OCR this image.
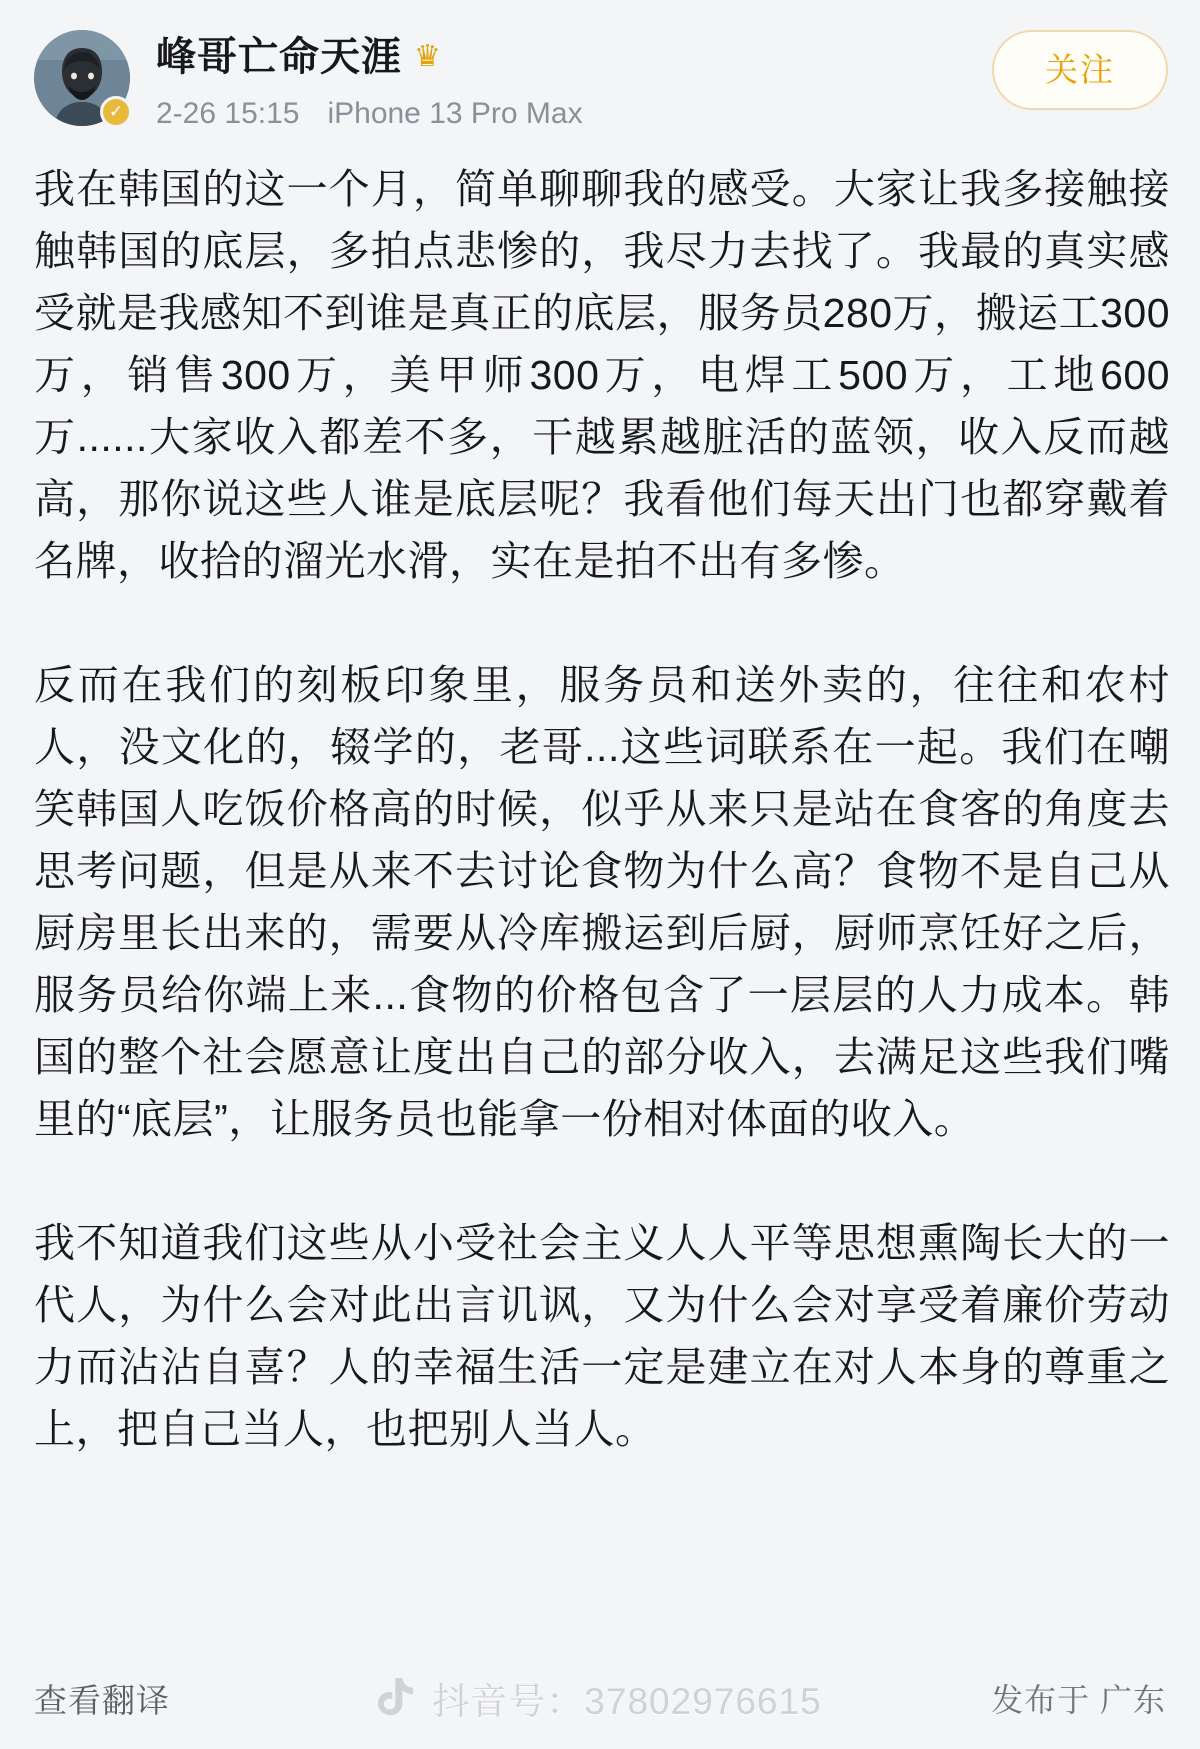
✓
峰哥亡命天涯 ♛
2-26 15:15 iPhone 13 Pro Max
关注

我在韩国的这一个月，简单聊聊我的感受。大家让我多接触接触韩国的底层，多拍点悲惨的，我尽力去找了。我最的真实感受就是我感知不到谁是真正的底层，服务员280万，搬运工300万，销售300万，美甲师300万，电焊工500万，工地600万......大家收入都差不多，干越累越脏活的蓝领，收入反而越高，那你说这些人谁是底层呢？我看他们每天出门也都穿戴着名牌，收拾的溜光水滑，实在是拍不出有多惨。

反而在我们的刻板印象里，服务员和送外卖的，往往和农村人，没文化的，辍学的，老哥...这些词联系在一起。我们在嘲笑韩国人吃饭价格高的时候，似乎从来只是站在食客的角度去思考问题，但是从来不去讨论食物为什么高？食物不是自己从厨房里长出来的，需要从冷库搬运到后厨，厨师烹饪好之后，服务员给你端上来...食物的价格包含了一层层的人力成本。韩国的整个社会愿意让度出自己的部分收入，去满足这些我们嘴里的“底层”，让服务员也能拿一份相对体面的收入。

我不知道我们这些从小受社会主义人人平等思想熏陶长大的一代人，为什么会对此出言讥讽，又为什么会对享受着廉价劳动力而沾沾自喜？人的幸福生活一定是建立在对人本身的尊重之上，把自己当人，也把别人当人。

查看翻译	抖音号：37802976615	发布于 广东
